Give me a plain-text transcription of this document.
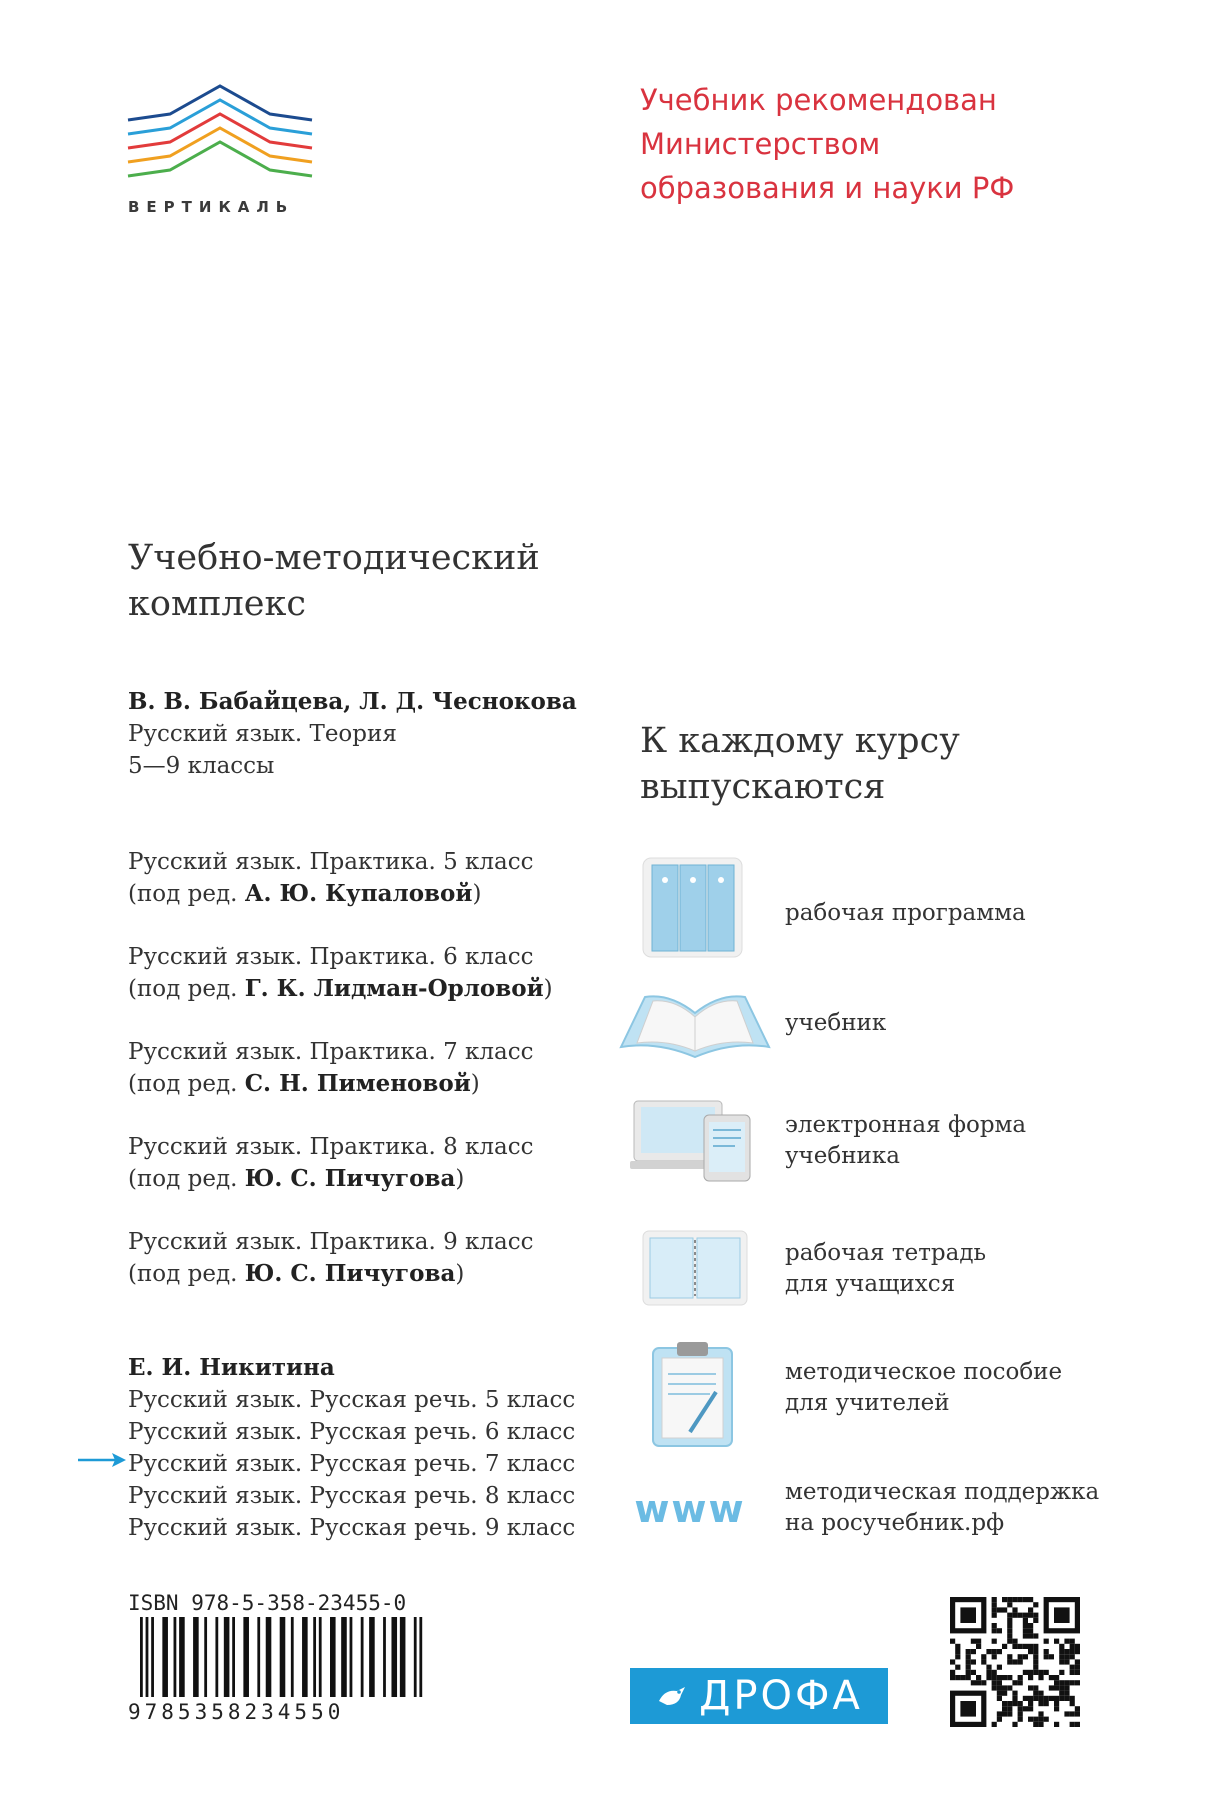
ВЕРТИКАЛЬ
Учебник рекомендован
Министерством
образования и науки РФ
Учебно-методический
комплекс
В. В. Бабайцева, Л. Д. Чеснокова
Русский язык. Теория
5—9 классы
Русский язык. Практика. 5 класс
(под ред. А. Ю. Купаловой)
Русский язык. Практика. 6 класс
(под ред. Г. К. Лидман-Орловой)
Русский язык. Практика. 7 класс
(под ред. С. Н. Пименовой)
Русский язык. Практика. 8 класс
(под ред. Ю. С. Пичугова)
Русский язык. Практика. 9 класс
(под ред. Ю. С. Пичугова)
Е. И. Никитина
Русский язык. Русская речь. 5 класс
Русский язык. Русская речь. 6 класс
Русский язык. Русская речь. 7 класс
Русский язык. Русская речь. 8 класс
Русский язык. Русская речь. 9 класс
ISBN 978-5-358-23455-0
9785358234550
К каждому курсу
выпускаются
рабочая программа
учебник
электронная форма
учебника
рабочая тетрадь
для учащихся
методическое пособие
для учителей
www	методическая поддержка
на росучебник.рф
ДРОФА
